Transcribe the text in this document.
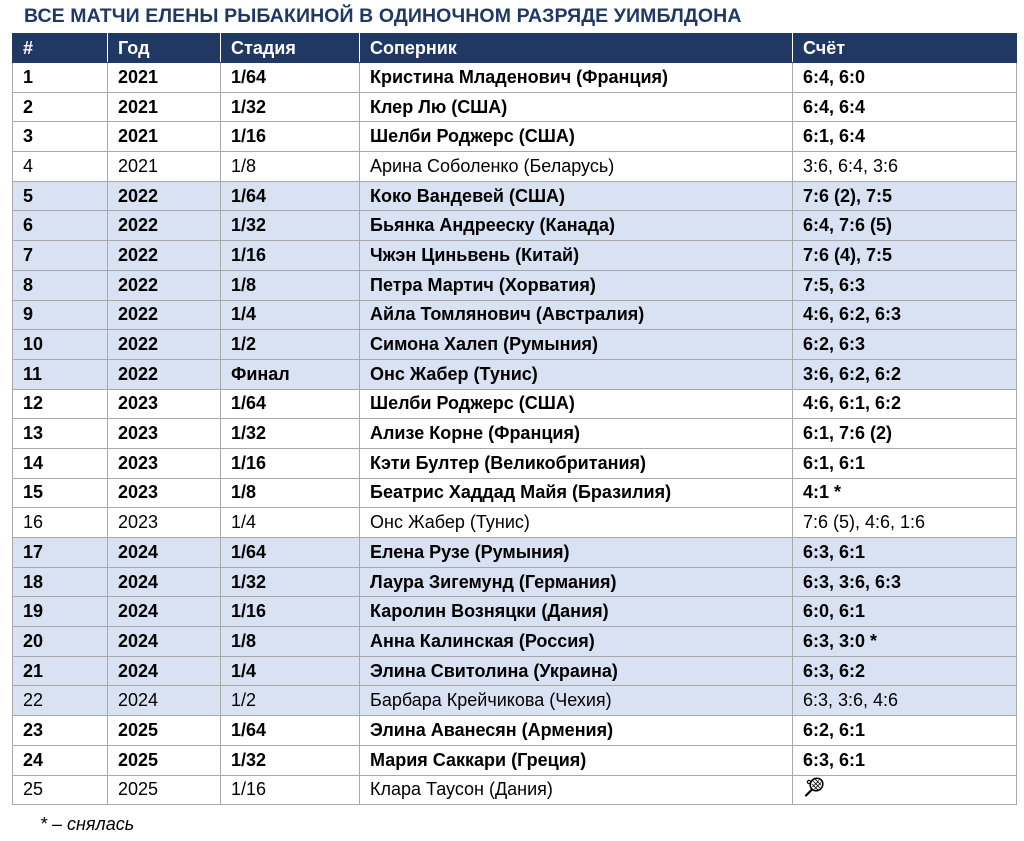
ВСЕ МАТЧИ ЕЛЕНЫ РЫБАКИНОЙ В ОДИНОЧНОМ РАЗРЯДЕ УИМБЛДОНА
#	Год	Стадия	Соперник	Счёт
1	2021	1/64	Кристина Младенович (Франция)	6:4, 6:0
2	2021	1/32	Клер Лю (США)	6:4, 6:4
3	2021	1/16	Шелби Роджерс (США)	6:1, 6:4
4	2021	1/8	Арина Соболенко (Беларусь)	3:6, 6:4, 3:6
5	2022	1/64	Коко Вандевей (США)	7:6 (2), 7:5
6	2022	1/32	Бьянка Андрееску (Канада)	6:4, 7:6 (5)
7	2022	1/16	Чжэн Циньвень (Китай)	7:6 (4), 7:5
8	2022	1/8	Петра Мартич (Хорватия)	7:5, 6:3
9	2022	1/4	Айла Томлянович (Австралия)	4:6, 6:2, 6:3
10	2022	1/2	Симона Халеп (Румыния)	6:2, 6:3
11	2022	Финал	Онс Жабер (Тунис)	3:6, 6:2, 6:2
12	2023	1/64	Шелби Роджерс (США)	4:6, 6:1, 6:2
13	2023	1/32	Ализе Корне (Франция)	6:1, 7:6 (2)
14	2023	1/16	Кэти Бултер (Великобритания)	6:1, 6:1
15	2023	1/8	Беатрис Хаддад Майя (Бразилия)	4:1 *
16	2023	1/4	Онс Жабер (Тунис)	7:6 (5), 4:6, 1:6
17	2024	1/64	Елена Рузе (Румыния)	6:3, 6:1
18	2024	1/32	Лаура Зигемунд (Германия)	6:3, 3:6, 6:3
19	2024	1/16	Каролин Возняцки (Дания)	6:0, 6:1
20	2024	1/8	Анна Калинская (Россия)	6:3, 3:0 *
21	2024	1/4	Элина Свитолина (Украина)	6:3, 6:2
22	2024	1/2	Барбара Крейчикова (Чехия)	6:3, 3:6, 4:6
23	2025	1/64	Элина Аванесян (Армения)	6:2, 6:1
24	2025	1/32	Мария Саккари (Греция)	6:3, 6:1
25	2025	1/16	Клара Таусон (Дания)	
* – снялась
